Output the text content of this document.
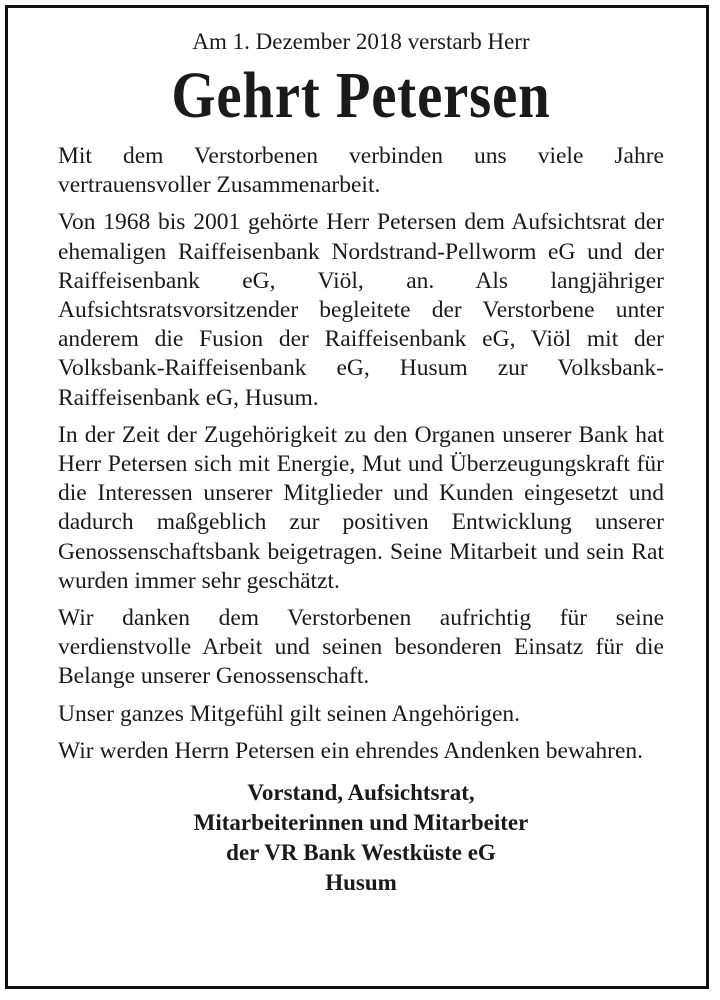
Am 1. Dezember 2018 verstarb Herr

Gehrt Petersen

Mit dem Verstorbenen verbinden uns viele Jahre vertrauensvoller Zusammenarbeit.

Von 1968 bis 2001 gehörte Herr Petersen dem Aufsichtsrat der ehemaligen Raiffeisenbank Nordstrand-Pellworm eG und der Raiffeisenbank eG, Viöl, an. Als langjähriger Aufsichtsratsvorsitzender begleitete der Verstorbene unter anderem die Fusion der Raiffeisenbank eG, Viöl mit der Volksbank-Raiffeisenbank eG, Husum zur Volksbank-Raiffeisenbank eG, Husum.

In der Zeit der Zugehörigkeit zu den Organen unserer Bank hat Herr Petersen sich mit Energie, Mut und Überzeugungskraft für die Interessen unserer Mitglieder und Kunden eingesetzt und dadurch maßgeblich zur positiven Entwicklung unserer Genossenschaftsbank beigetragen. Seine Mitarbeit und sein Rat wurden immer sehr geschätzt.

Wir danken dem Verstorbenen aufrichtig für seine verdienstvolle Arbeit und seinen besonderen Einsatz für die Belange unserer Genossenschaft.

Unser ganzes Mitgefühl gilt seinen Angehörigen.

Wir werden Herrn Petersen ein ehrendes Andenken bewahren.

Vorstand, Aufsichtsrat,
Mitarbeiterinnen und Mitarbeiter
der VR Bank Westküste eG
Husum
